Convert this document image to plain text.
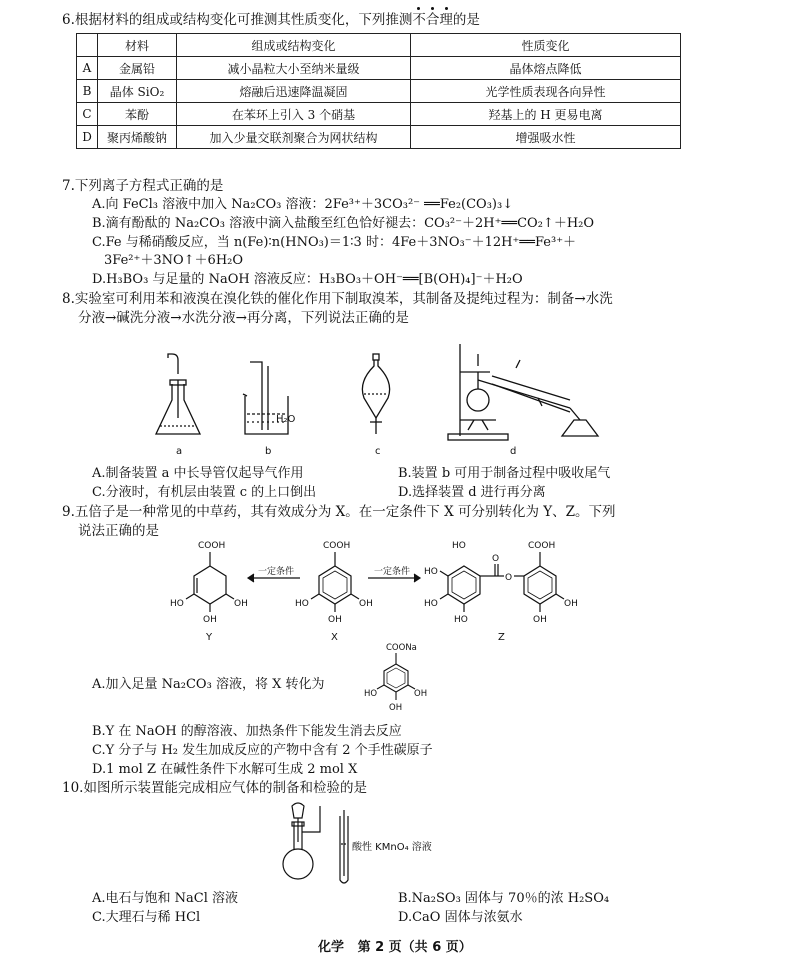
6.根据材料的组成或结构变化可推测其性质变化，下列推测不合理
的是
	材料	组成或结构变化	性质变化
A	金属铅	减小晶粒大小至纳米量级	晶体熔点降低
B	晶体 SiO₂	熔融后迅速降温凝固	光学性质表现各向异性
C	苯酚	在苯环上引入 3 个硝基	羟基上的 H 更易电离
D	聚丙烯酸钠	加入少量交联剂聚合为网状结构	增强吸水性
7.下列离子方程式正确的是
A.向 FeCl₃ 溶液中加入 Na₂CO₃ 溶液：2Fe³⁺＋3CO₃²⁻ ══Fe₂(CO₃)₃↓
B.滴有酚酞的 Na₂CO₃ 溶液中滴入盐酸至红色恰好褪去：CO₃²⁻＋2H⁺══CO₂↑＋H₂O
C.Fe 与稀硝酸反应，当 n(Fe)∶n(HNO₃)＝1∶3 时：4Fe＋3NO₃⁻＋12H⁺══Fe³⁺＋
3Fe²⁺＋3NO↑＋6H₂O
D.H₃BO₃ 与足量的 NaOH 溶液反应：H₃BO₃＋OH⁻══[B(OH)₄]⁻＋H₂O
8.实验室可利用苯和液溴在溴化铁的催化作用下制取溴苯，其制备及提纯过程为：制备→水洗
分液→碱洗分液→水洗分液→再分离，下列说法正确的是
H₂O
a	b	c	d
A.制备装置 a 中长导管仅起导气作用	B.装置 b 可用于制备过程中吸收尾气
C.分液时，有机层由装置 c 的上口倒出	D.选择装置 d 进行再分离
9.五倍子是一种常见的中草药，其有效成分为 X。在一定条件下 X 可分别转化为 Y、Z。下列
说法正确的是
COOH
HO	OH
OH
一定条件
COOH
HO	OH
OH
一定条件
HO
HO
HO
HO
O
O
COOH
OH
OH
Y	X	Z
A.加入足量 Na₂CO₃ 溶液，将 X 转化为
COONa
HO	OH
OH
B.Y 在 NaOH 的醇溶液、加热条件下能发生消去反应
C.Y 分子与 H₂ 发生加成反应的产物中含有 2 个手性碳原子
D.1 mol Z 在碱性条件下水解可生成 2 mol X
10.如图所示装置能完成相应气体的制备和检验的是
酸性 KMnO₄ 溶液
A.电石与饱和 NaCl 溶液	B.Na₂SO₃ 固体与 70％的浓 H₂SO₄
C.大理石与稀 HCl	D.CaO 固体与浓氨水
化学   第 2 页（共 6 页）
